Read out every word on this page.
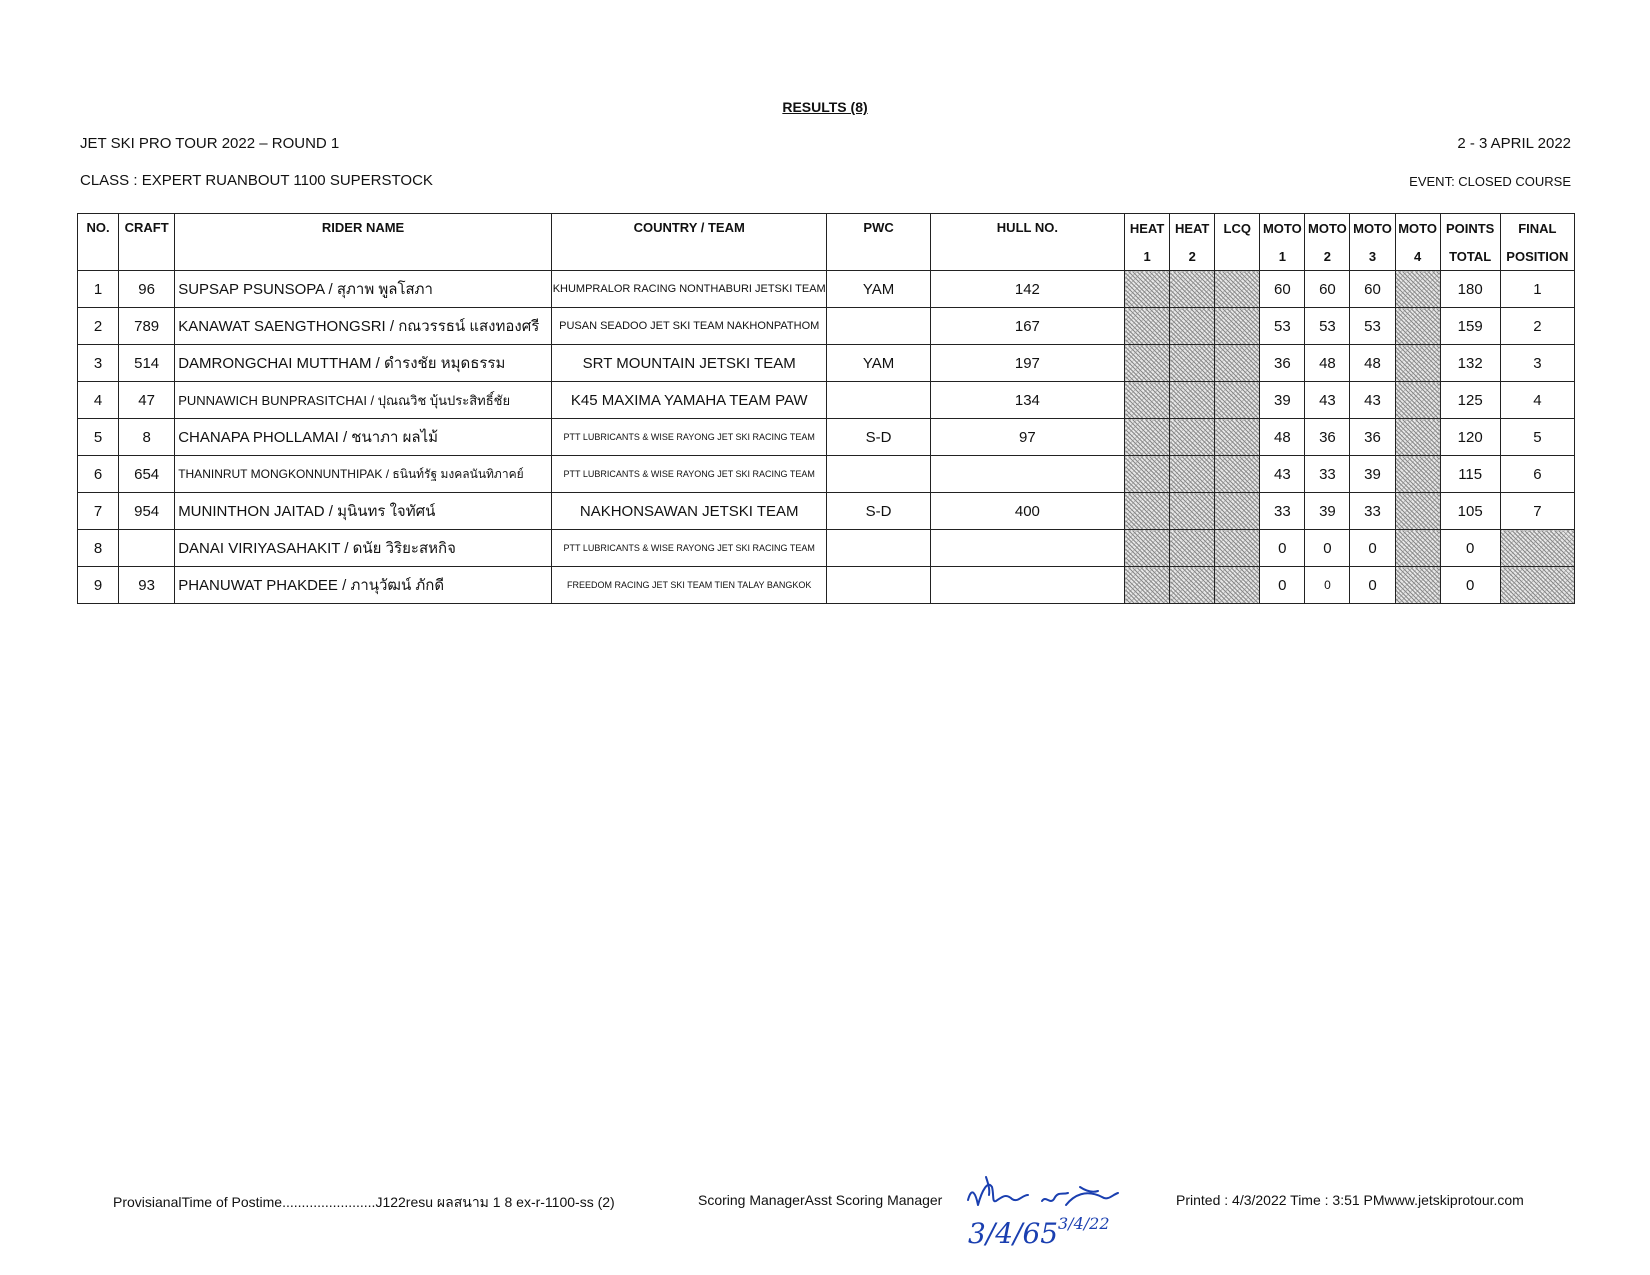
RESULTS (8)
JET SKI PRO TOUR 2022 – ROUND 1	2 - 3 APRIL 2022
CLASS : EXPERT RUANBOUT 1100 SUPERSTOCK	EVENT: CLOSED COURSE
NO.	CRAFT	RIDER NAME	COUNTRY / TEAM	PWC	HULL NO.	HEAT	HEAT	LCQ	MOTO	MOTO	MOTO	MOTO	POINTS	FINAL
						1	2		1	2	3	4	TOTAL	POSITION
1	96	SUPSAP PSUNSOPA / สุภาพ พูลโสภา	KHUMPRALOR RACING NONTHABURI JETSKI TEAM	YAM	142				60	60	60		180	1
2	789	KANAWAT SAENGTHONGSRI / กณวรรธน์ แสงทองศรี	PUSAN SEADOO JET SKI TEAM NAKHONPATHOM		167				53	53	53		159	2
3	514	DAMRONGCHAI MUTTHAM / ดำรงชัย หมุดธรรม	SRT MOUNTAIN JETSKI TEAM	YAM	197				36	48	48		132	3
4	47	PUNNAWICH BUNPRASITCHAI / ปุณณวิช บุ้นประสิทธิ์ชัย	K45 MAXIMA YAMAHA TEAM PAW		134				39	43	43		125	4
5	8	CHANAPA PHOLLAMAI / ชนาภา ผลไม้	PTT LUBRICANTS & WISE RAYONG JET SKI RACING TEAM	S-D	97				48	36	36		120	5
6	654	THANINRUT MONGKONNUNTHIPAK / ธนินท์รัฐ มงคลนันทิภาคย์	PTT LUBRICANTS & WISE RAYONG JET SKI RACING TEAM						43	33	39		115	6
7	954	MUNINTHON JAITAD / มุนินทร ใจทัศน์	NAKHONSAWAN JETSKI TEAM	S-D	400				33	39	33		105	7
8		DANAI VIRIYASAHAKIT / ดนัย วิริยะสหกิจ	PTT LUBRICANTS & WISE RAYONG JET SKI RACING TEAM						0	0	0		0	
9	93	PHANUWAT PHAKDEE / ภานุวัฒน์ ภักดี	FREEDOM RACING JET SKI TEAM TIEN TALAY BANGKOK						0	0	0		0	
ProvisianalTime of Postime........................J122resu ผลสนาม 1 8 ex-r-1100-ss (2)	Scoring ManagerAsst Scoring Manager	Printed : 4/3/2022 Time : 3:51 PMwww.jetskiprotour.com
3/4/65 3/4/22
